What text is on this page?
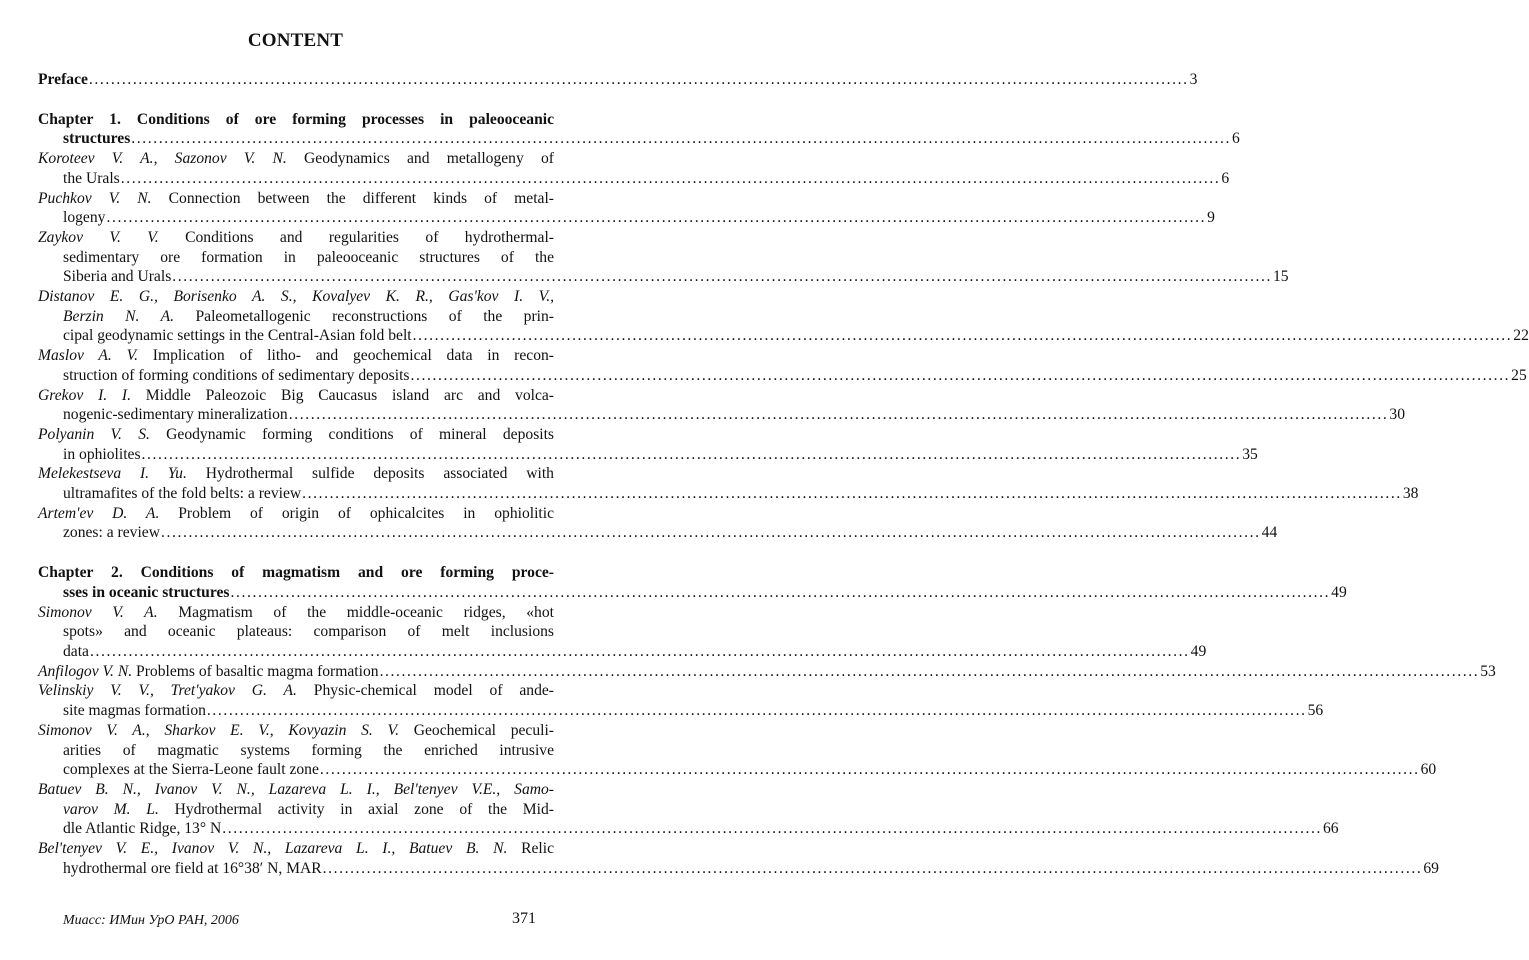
CONTENT
Preface ........................................................................................................................................................................................................ 3
Chapter 1. Conditions of ore forming processes in paleooceanic
structures ........................................................................................................................................................................................................ 6
Koroteev V. A., Sazonov V. N. Geodynamics and metallogeny of
the Urals ........................................................................................................................................................................................................ 6
Puchkov V. N. Connection between the different kinds of metal-
logeny ........................................................................................................................................................................................................ 9
Zaykov V. V. Conditions and regularities of hydrothermal-
sedimentary ore formation in paleooceanic structures of the
Siberia and Urals ........................................................................................................................................................................................................ 15
Distanov E. G., Borisenko A. S., Kovalyev K. R., Gas'kov I. V.,
Berzin N. A. Paleometallogenic reconstructions of the prin-
cipal geodynamic settings in the Central-Asian fold belt ........................................................................................................................................................................................................ 22
Maslov A. V. Implication of litho- and geochemical data in recon-
struction of forming conditions of sedimentary deposits ........................................................................................................................................................................................................ 25
Grekov I. I. Middle Paleozoic Big Caucasus island arc and volca-
nogenic-sedimentary mineralization ........................................................................................................................................................................................................ 30
Polyanin V. S. Geodynamic forming conditions of mineral deposits
in ophiolites ........................................................................................................................................................................................................ 35
Melekestseva I. Yu. Hydrothermal sulfide deposits associated with
ultramafites of the fold belts: a review ........................................................................................................................................................................................................ 38
Artem'ev D. A. Problem of origin of ophicalcites in ophiolitic
zones: a review ........................................................................................................................................................................................................ 44
Chapter 2. Conditions of magmatism and ore forming proce-
sses in oceanic structures ........................................................................................................................................................................................................ 49
Simonov V. A. Magmatism of the middle-oceanic ridges, «hot
spots» and oceanic plateaus: comparison of melt inclusions
data ........................................................................................................................................................................................................ 49
Anfilogov V. N. Problems of basaltic magma formation ........................................................................................................................................................................................................ 53
Velinskiy V. V., Tret'yakov G. A. Physic-chemical model of ande-
site magmas formation ........................................................................................................................................................................................................ 56
Simonov V. A., Sharkov E. V., Kovyazin S. V. Geochemical peculi-
arities of magmatic systems forming the enriched intrusive
complexes at the Sierra-Leone fault zone ........................................................................................................................................................................................................ 60
Batuev B. N., Ivanov V. N., Lazareva L. I., Bel'tenyev V.E., Samo-
varov M. L. Hydrothermal activity in axial zone of the Mid-
dle Atlantic Ridge, 13° N ........................................................................................................................................................................................................ 66
Bel'tenyev V. E., Ivanov V. N., Lazareva L. I., Batuev B. N. Relic
hydrothermal ore field at 16°38′ N, MAR ........................................................................................................................................................................................................ 69
Миасс: ИМин УрО РАН, 2006	371
